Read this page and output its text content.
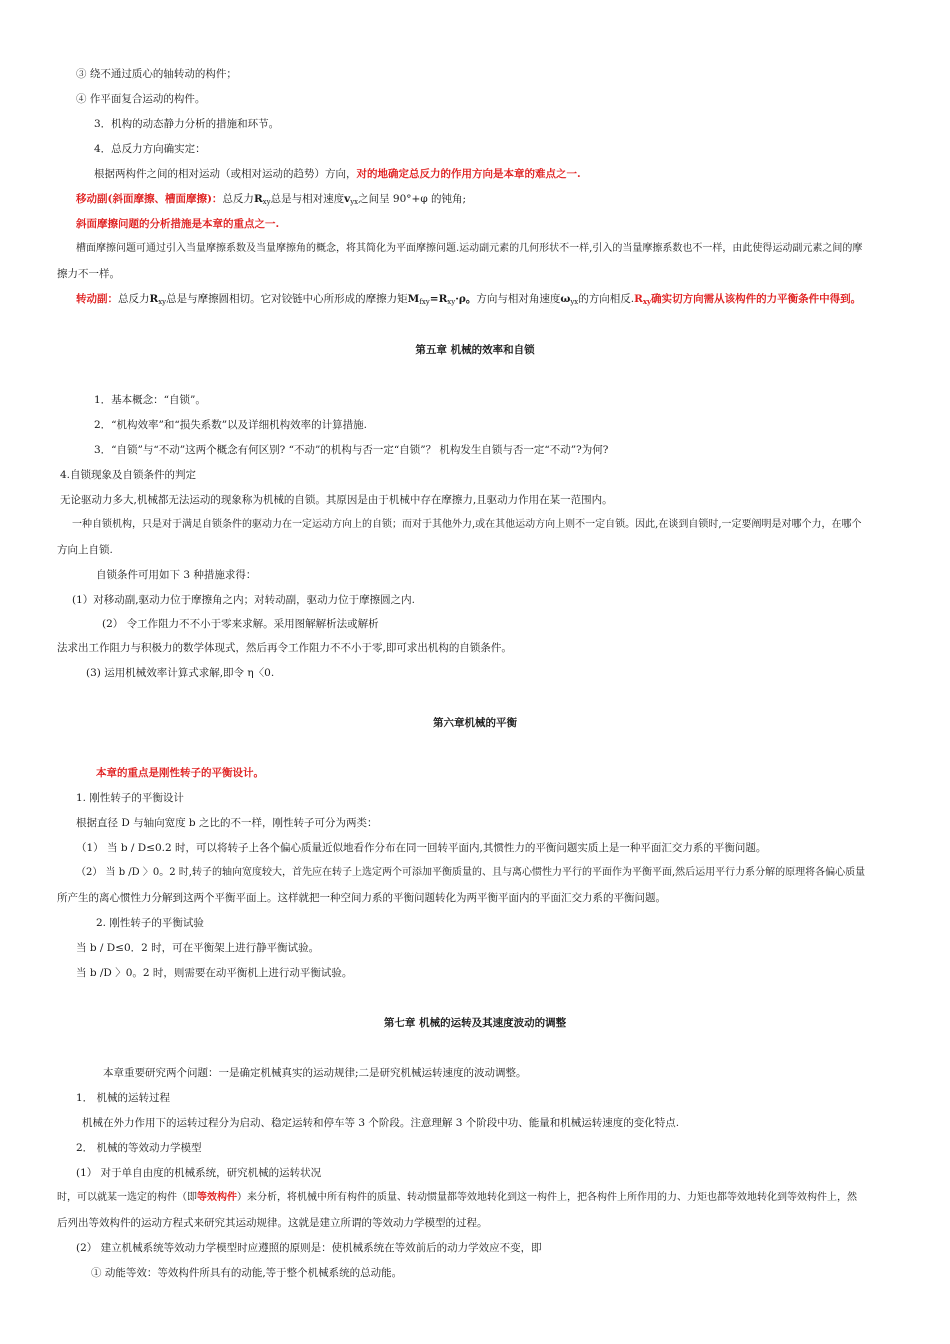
③ 绕不通过质心的轴转动的构件；
④ 作平面复合运动的构件。
3．机构的动态静力分析的措施和环节。
4．总反力方向确实定：
根据两构件之间的相对运动（或相对运动的趋势）方向，对的地确定总反力的作用方向是本章的难点之一.
移动副(斜面摩擦、槽面摩擦)：总反力$R_{xy}$总是与相对速度$v_{yx}$之间呈 90°+φ 的钝角;
斜面摩擦问题的分析措施是本章的重点之一.
槽面摩擦问题可通过引入当量摩擦系数及当量摩擦角的概念，将其简化为平面摩擦问题.运动副元素的几何形状不一样,引入的当量摩擦系数也不一样，由此使得运动副元素之间的摩
擦力不一样。
转动副：总反力$R_{xy}$总是与摩擦圆相切。它对铰链中心所形成的摩擦力矩$M_{fxy}=R_{xy}\cdot\rho$。方向与相对角速度$\omega_{yx}$的方向相反$.R_{xy}$确实切方向需从该构件的力平衡条件中得到。
第五章 机械的效率和自锁
1．基本概念：“自锁”。
2．“机构效率”和“损失系数”以及详细机构效率的计算措施.
3．“自锁”与“不动”这两个概念有何区别? “不动”的机构与否一定“自锁”？ 机构发生自锁与否一定“不动”?为何?
4.自锁现象及自锁条件的判定
无论驱动力多大,机械都无法运动的现象称为机械的自锁。其原因是由于机械中存在摩擦力,且驱动力作用在某一范围内。
一种自锁机构，只是对于满足自锁条件的驱动力在一定运动方向上的自锁；而对于其他外力,或在其他运动方向上则不一定自锁。因此,在谈到自锁时,一定要阐明是对哪个力，在哪个
方向上自锁.
自锁条件可用如下 3 种措施求得：
(1）对移动副,驱动力位于摩擦角之内；对转动副，驱动力位于摩擦圆之内.
(2） 令工作阻力不不小于零来求解。采用图解解析法或解析
法求出工作阻力与积极力的数学体现式，然后再令工作阻力不不小于零,即可求出机构的自锁条件。
(3) 运用机械效率计算式求解,即令 η〈0.
第六章机械的平衡
本章的重点是刚性转子的平衡设计。
1. 刚性转子的平衡设计
根据直径 D 与轴向宽度 b 之比的不一样，刚性转子可分为两类：
（1） 当 b / D≤0.2 时，可以将转子上各个偏心质量近似地看作分布在同一回转平面内,其惯性力的平衡问题实质上是一种平面汇交力系的平衡问题。
（2） 当 b /D 〉0。2 时,转子的轴向宽度较大，首先应在转子上选定两个可添加平衡质量的、且与离心惯性力平行的平面作为平衡平面,然后运用平行力系分解的原理将各偏心质量
所产生的离心惯性力分解到这两个平衡平面上。这样就把一种空间力系的平衡问题转化为两平衡平面内的平面汇交力系的平衡问题。
2. 刚性转子的平衡试验
当 b / D≤0．2 时，可在平衡架上进行静平衡试验。
当 b /D 〉0。2 时，则需要在动平衡机上进行动平衡试验。
第七章 机械的运转及其速度波动的调整
本章重要研究两个问题：一是确定机械真实的运动规律;二是研究机械运转速度的波动调整。
1． 机械的运转过程
机械在外力作用下的运转过程分为启动、稳定运转和停车等 3 个阶段。注意理解 3 个阶段中功、能量和机械运转速度的变化特点.
2． 机械的等效动力学模型
(1） 对于单自由度的机械系统，研究机械的运转状况
时，可以就某一选定的构件（即等效构件）来分析，将机械中所有构件的质量、转动惯量都等效地转化到这一构件上，把各构件上所作用的力、力矩也都等效地转化到等效构件上，然
后列出等效构件的运动方程式来研究其运动规律。这就是建立所谓的等效动力学模型的过程。
(2） 建立机械系统等效动力学模型时应遵照的原则是：使机械系统在等效前后的动力学效应不变，即
① 动能等效：等效构件所具有的动能,等于整个机械系统的总动能。
